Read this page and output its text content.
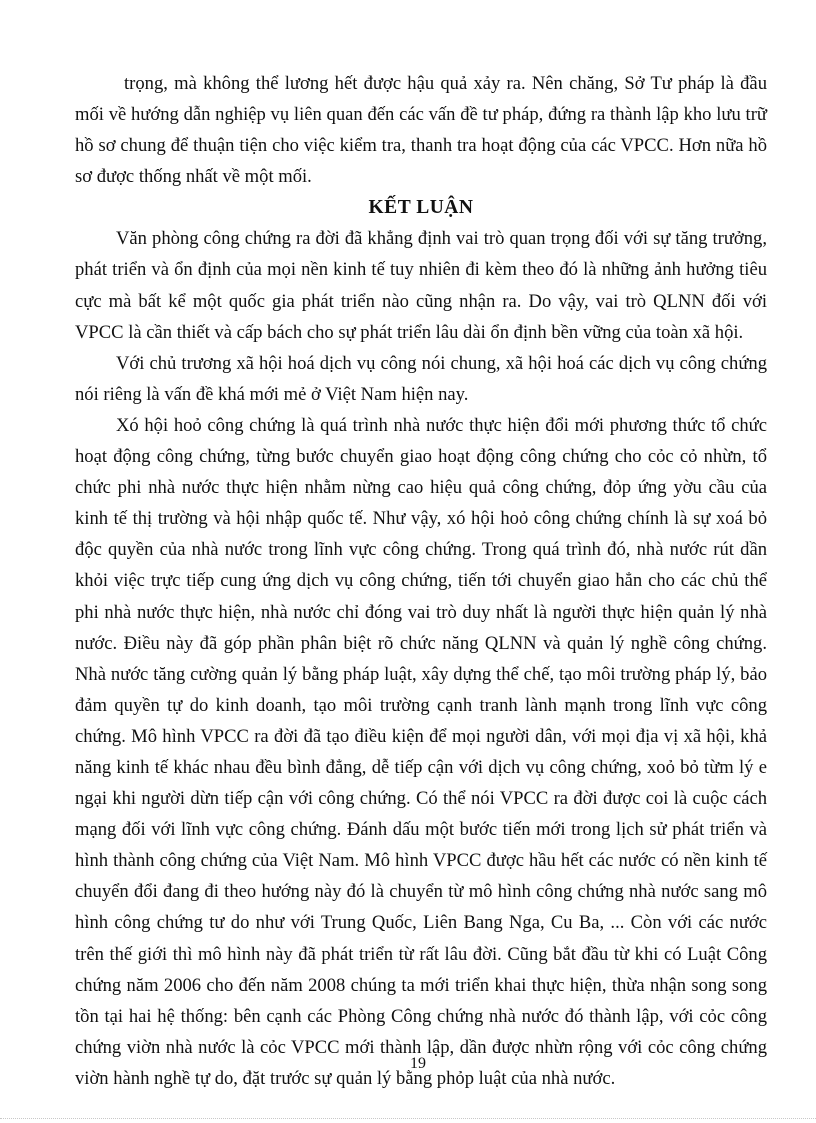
trọng, mà không thể lương hết được hậu quả xảy ra. Nên chăng, Sở Tư pháp là đầu mối về hướng dẫn nghiệp vụ liên quan đến các vấn đề tư pháp, đứng ra thành lập kho lưu trữ hồ sơ chung để thuận tiện cho việc kiểm tra, thanh tra hoạt động của các VPCC. Hơn nữa hồ sơ được thống nhất về một mối.

KẾT LUẬN

Văn phòng công chứng ra đời đã khẳng định vai trò quan trọng đối với sự tăng trưởng, phát triển và ổn định của mọi nền kinh tế tuy nhiên đi kèm theo đó là những ảnh hưởng tiêu cực mà bất kể một quốc gia phát triển nào cũng nhận ra. Do vậy, vai trò QLNN đối với VPCC là cần thiết và cấp bách cho sự phát triển lâu dài ổn định bền vững của toàn xã hội.

Với chủ trương xã hội hoá dịch vụ công nói chung, xã hội hoá các dịch vụ công chứng nói riêng là vấn đề khá mới mẻ ở Việt Nam hiện nay.

Xó hội hoỏ công chứng là quá trình nhà nước thực hiện đổi mới phương thức tổ chức hoạt động công chứng, từng bước chuyển giao hoạt động công chứng cho cỏc cỏ nhừn, tổ chức phi nhà nước thực hiện nhằm nừng cao hiệu quả công chứng, đỏp ứng yờu cầu của kinh tế thị trường và hội nhập quốc tế. Như vậy, xó hội hoỏ công chứng chính là sự xoá bỏ độc quyền của nhà nước trong lĩnh vực công chứng. Trong quá trình đó, nhà nước rút dần khỏi việc trực tiếp cung ứng dịch vụ công chứng, tiến tới chuyển giao hẳn cho các chủ thể phi nhà nước thực hiện, nhà nước chỉ đóng vai trò duy nhất là người thực hiện quản lý nhà nước. Điều này đã góp phần phân biệt rõ chức năng QLNN và quản lý nghề công chứng. Nhà nước tăng cường quản lý bằng pháp luật, xây dựng thể chế, tạo môi trường pháp lý, bảo đảm quyền tự do kinh doanh, tạo môi trường cạnh tranh lành mạnh trong lĩnh vực công chứng. Mô hình VPCC ra đời đã tạo điều kiện để mọi người dân, với mọi địa vị xã hội, khả năng kinh tế khác nhau đều bình đẳng, dễ tiếp cận với dịch vụ công chứng, xoỏ bỏ từm lý e ngại khi người dừn tiếp cận với công chứng. Có thể nói VPCC ra đời được coi là cuộc cách mạng đối với lĩnh vực công chứng. Đánh dấu một bước tiến mới trong lịch sử phát triển và hình thành công chứng của Việt Nam. Mô hình VPCC được hầu hết các nước có nền kinh tế chuyển đổi đang đi theo hướng này đó là chuyển từ mô hình công chứng nhà nước sang mô hình công chứng tư do như với Trung Quốc, Liên Bang Nga, Cu Ba, ... Còn với các nước trên thế giới thì mô hình này đã phát triển từ rất lâu đời. Cũng bắt đầu từ khi có Luật Công chứng năm 2006 cho đến năm 2008 chúng ta mới triển khai thực hiện, thừa nhận song song tồn tại hai hệ thống: bên cạnh các Phòng Công chứng nhà nước đó thành lập, với cỏc công chứng viờn nhà nước là cỏc VPCC mới thành lập, dần được nhừn rộng với cỏc công chứng viờn hành nghề tự do, đặt trước sự quản lý bằng phỏp luật của nhà nước.

19
